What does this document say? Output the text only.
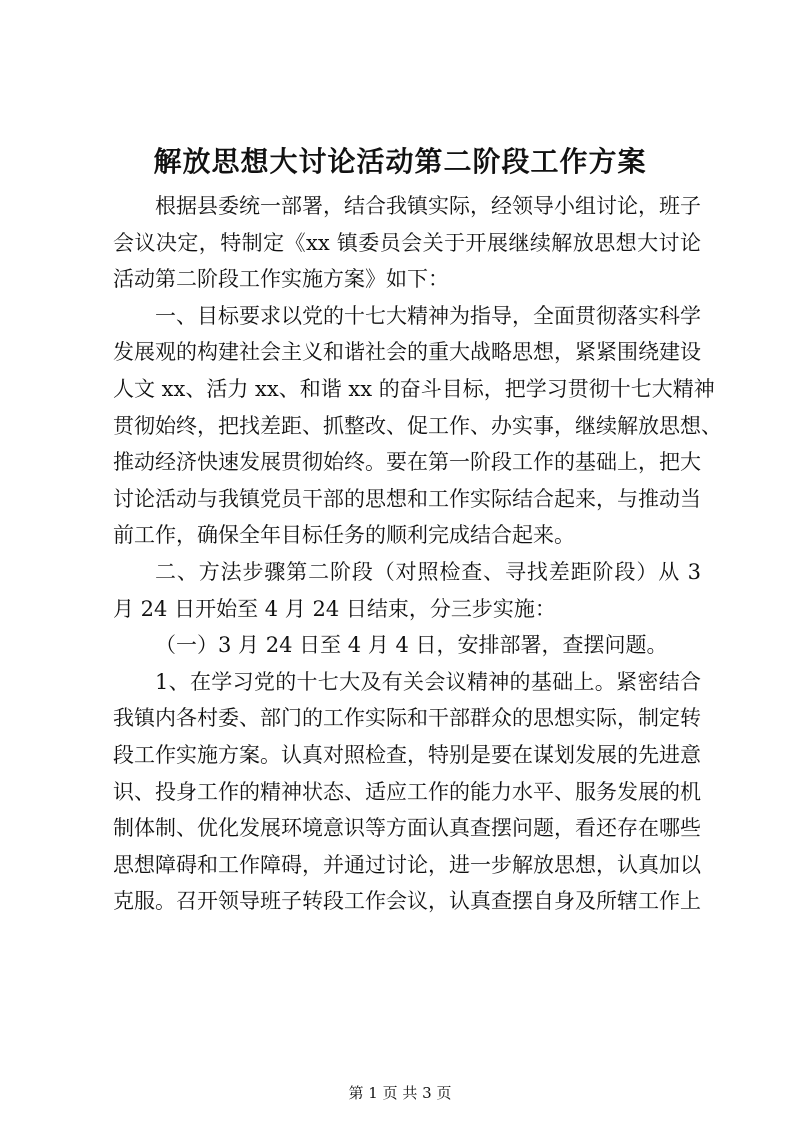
解放思想大讨论活动第二阶段工作方案
根据县委统一部署，结合我镇实际，经领导小组讨论，班子
会议决定，特制定《xx 镇委员会关于开展继续解放思想大讨论
活动第二阶段工作实施方案》如下：
一、目标要求以党的十七大精神为指导，全面贯彻落实科学
发展观的构建社会主义和谐社会的重大战略思想，紧紧围绕建设
人文 xx、活力 xx、和谐 xx 的奋斗目标，把学习贯彻十七大精神
贯彻始终，把找差距、抓整改、促工作、办实事，继续解放思想、
推动经济快速发展贯彻始终。要在第一阶段工作的基础上，把大
讨论活动与我镇党员干部的思想和工作实际结合起来，与推动当
前工作，确保全年目标任务的顺利完成结合起来。
二、方法步骤第二阶段（对照检查、寻找差距阶段）从 3
月 24 日开始至 4 月 24 日结束，分三步实施：
（一）3 月 24 日至 4 月 4 日，安排部署，查摆问题。
1、在学习党的十七大及有关会议精神的基础上。紧密结合
我镇内各村委、部门的工作实际和干部群众的思想实际，制定转
段工作实施方案。认真对照检查，特别是要在谋划发展的先进意
识、投身工作的精神状态、适应工作的能力水平、服务发展的机
制体制、优化发展环境意识等方面认真查摆问题，看还存在哪些
思想障碍和工作障碍，并通过讨论，进一步解放思想，认真加以
克服。召开领导班子转段工作会议，认真查摆自身及所辖工作上
第 1 页 共 3 页
